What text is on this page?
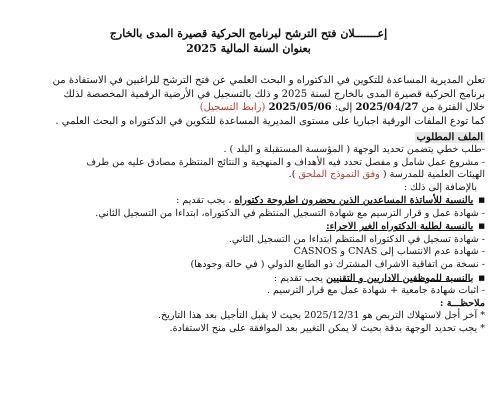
إعـــــــلان فتح الترشح لبرنامج الحركية قصيرة المدى بالخارج
بعنوان السنة المالية 2025
تعلن المديرية المساعدة للتكوين في الدكتوراه و البحث العلمي عن فتح الترشح للراغبين في الاستفادة من
برنامج الحركية قصيرة المدى بالخارج لسنة 2025 و ذلك بالتسجيل في الأرضية الرقمية المخصصة لذلك
خلال الفترة من 2025/04/27 إلى: 2025/05/06 (رابط التسجيل)
كما تودع الملفات الورقية اجباريا على مستوى المديرية المساعدة للتكوين في الدكتوراه و البحث العلمي .
الملف المطلوب
-طلب خطي يتضمن تحديد الوجهة ( المؤسسة المستقبلة و البلد ) .
- مشروع عمل شامل و مفصل تحدد فيه الأهداف و المنهجية و النتائج المنتظرة مصادق عليه من طرف
الهيئات العلمية للمدرسة ( وفق النموذج الملحق ).
بالإضافة إلى ذلك :
■ بالنسبة للأساتذة المساعدين الذين يحضرون اطروحة دكتوراه ، يجب تقديم :
- شهادة عمل و قرار الترسيم مع شهادة التسجيل المنتظم في الدكتوراه، ابتداءا من التسجيل الثاني.
■ بالنسبة لطلبة الدكتوراه الغير الاجراء:
- شهادة تسجيل في الدكتوراه المنتظم ابتداءا من التسجيل الثاني.
- شهادة عدم الانتساب إلى CNAS و CASNOS
- نسخة من اتفاقية الاشراف المشترك ذو الطابع الدولي ( في حالة وجودها)
■ بالنسبة للموظفين الاداريين و التقنيين يجب تقديم :
- اثبات شهادة جامعية + شهادة عمل مع قرار الترسيم .
ملاحظـــة :
* آخر أجل لاستهلاك التربص هو 2025/12/31 بحيث لا يقبل التأجيل بعد هذا التاريخ.
* يجب تحديد الوجهة بدقة بحيث لا يمكن التغيير بعد الموافقة على منح الاستفادة.
